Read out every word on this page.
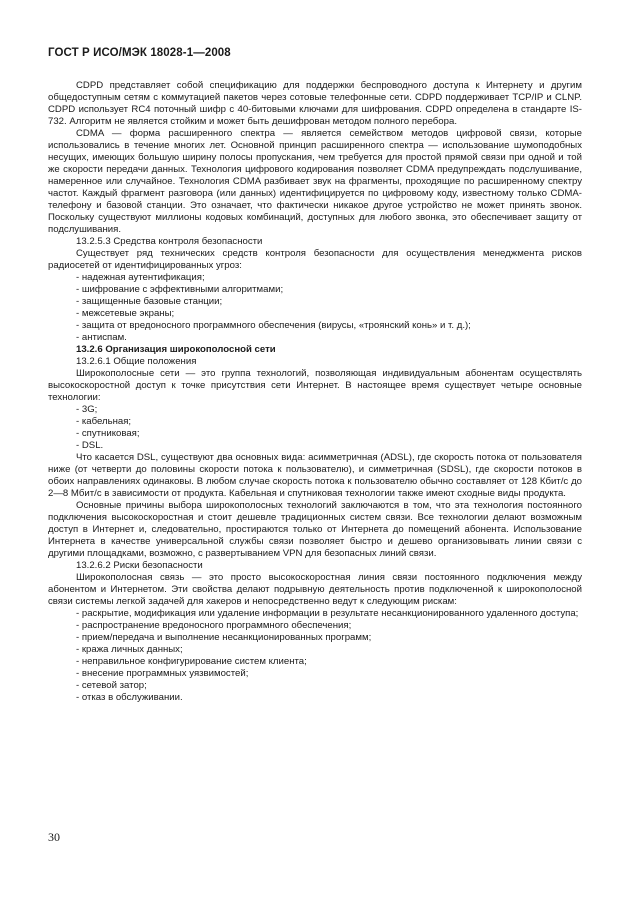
ГОСТ Р ИСО/МЭК 18028-1—2008

CDPD представляет собой спецификацию для поддержки беспроводного доступа к Интернету и другим общедоступным сетям с коммутацией пакетов через сотовые телефонные сети. CDPD поддерживает TCP/IP и CLNP. CDPD использует RC4 поточный шифр с 40-битовыми ключами для шифрования. CDPD определена в стандарте IS-732. Алгоритм не является стойким и может быть дешифрован методом полного перебора.

CDMA — форма расширенного спектра — является семейством методов цифровой связи, которые использовались в течение многих лет. Основной принцип расширенного спектра — использование шумоподобных несущих, имеющих большую ширину полосы пропускания, чем требуется для простой прямой связи при одной и той же скорости передачи данных. Технология цифрового кодирования позволяет CDMA предупреждать подслушивание, намеренное или случайное. Технология CDMA разбивает звук на фрагменты, проходящие по расширенному спектру частот. Каждый фрагмент разговора (или данных) идентифицируется по цифровому коду, известному только CDMA-телефону и базовой станции. Это означает, что фактически никакое другое устройство не может принять звонок. Поскольку существуют миллионы кодовых комбинаций, доступных для любого звонка, это обеспечивает защиту от подслушивания.

13.2.5.3 Средства контроля безопасности

Существует ряд технических средств контроля безопасности для осуществления менеджмента рисков радиосетей от идентифицированных угроз:

- надежная аутентификация;

- шифрование с эффективными алгоритмами;

- защищенные базовые станции;

- межсетевые экраны;

- защита от вредоносного программного обеспечения (вирусы, «троянский конь» и т. д.);

- антиспам.

13.2.6 Организация широкополосной сети

13.2.6.1 Общие положения

Широкополосные сети — это группа технологий, позволяющая индивидуальным абонентам осуществлять высокоскоростной доступ к точке присутствия сети Интернет. В настоящее время существует четыре основные технологии:

- 3G;

- кабельная;

- спутниковая;

- DSL.

Что касается DSL, существуют два основных вида: асимметричная (ADSL), где скорость потока от пользователя ниже (от четверти до половины скорости потока к пользователю), и симметричная (SDSL), где скорости потоков в обоих направлениях одинаковы. В любом случае скорость потока к пользователю обычно составляет от 128 Кбит/с до 2—8 Мбит/с в зависимости от продукта. Кабельная и спутниковая технологии также имеют сходные виды продукта.

Основные причины выбора широкополосных технологий заключаются в том, что эта технология постоянного подключения высокоскоростная и стоит дешевле традиционных систем связи. Все технологии делают возможным доступ в Интернет и, следовательно, простираются только от Интернета до помещений абонента. Использование Интернета в качестве универсальной службы связи позволяет быстро и дешево организовывать линии связи с другими площадками, возможно, с развертыванием VPN для безопасных линий связи.

13.2.6.2 Риски безопасности

Широкополосная связь — это просто высокоскоростная линия связи постоянного подключения между абонентом и Интернетом. Эти свойства делают подрывную деятельность против подключенной к широкополосной связи системы легкой задачей для хакеров и непосредственно ведут к следующим рискам:

- раскрытие, модификация или удаление информации в результате несанкционированного удаленного доступа;

- распространение вредоносного программного обеспечения;

- прием/передача и выполнение несанкционированных программ;

- кража личных данных;

- неправильное конфигурирование систем клиента;

- внесение программных уязвимостей;

- сетевой затор;

- отказ в обслуживании.

30
